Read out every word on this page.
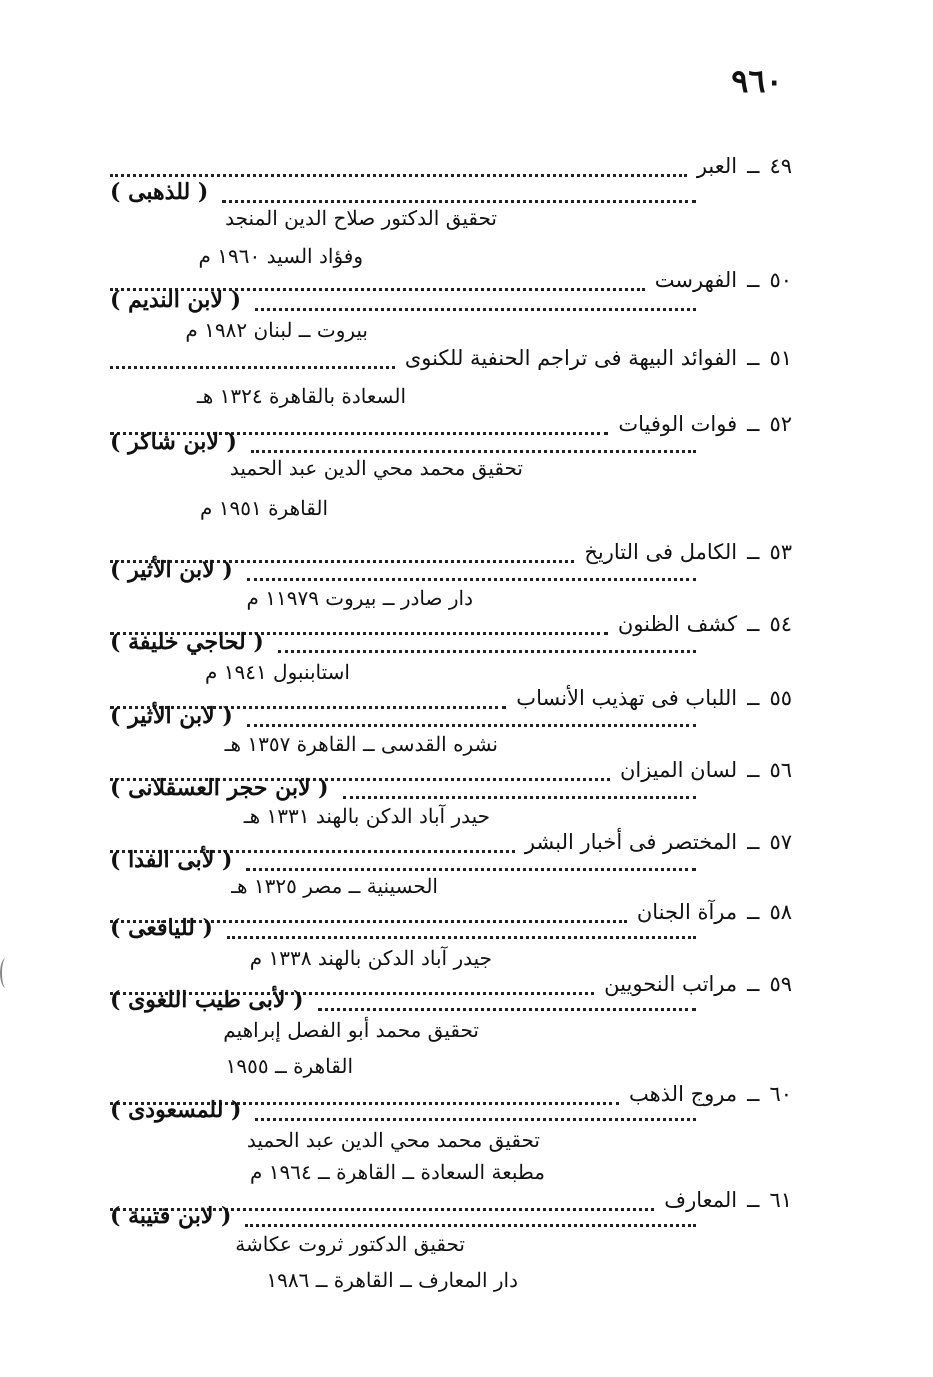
٩٦٠
٤٩
ــ
العبر
( للذهبى )
تحقيق الدكتور صلاح الدين المنجد
وفؤاد السيد ١٩٦٠ م
٥٠
ــ
الفهرست
( لابن النديم )
بيروت ــ لبنان ١٩٨٢ م
٥١
ــ
الفوائد البيهة فى تراجم الحنفية للكنوى
السعادة بالقاهرة ١٣٢٤ هـ
٥٢
ــ
فوات الوفيات
( لابن شاكر )
تحقيق محمد محي الدين عبد الحميد
القاهرة ١٩٥١ م
٥٣
ــ
الكامل فى التاريخ
( لابن الأثير )
دار صادر ــ بيروت ١١٩٧٩ م
٥٤
ــ
كشف الظنون
( لحاجي خليفة )
استابنبول ١٩٤١ م
٥٥
ــ
اللباب فى تهذيب الأنساب
( لابن الأثير )
نشره القدسى ــ القاهرة ١٣٥٧ هـ
٥٦
ــ
لسان الميزان
( لابن حجر العسقلانى )
حيدر آباد الدكن بالهند ١٣٣١ هـ
٥٧
ــ
المختصر فى أخبار البشر
( لأبى الفدا )
الحسينية ــ مصر ١٣٢٥ هـ
٥٨
ــ
مرآة الجنان
( لليافعى )
جيدر آباد الدكن بالهند ١٣٣٨ م
٥٩
ــ
مراتب النحويين
( لأبى طيب اللغوى )
تحقيق محمد أبو الفصل إبراهيم
القاهرة ــ ١٩٥٥
٦٠
ــ
مروج الذهب
( للمسعودى )
تحقيق محمد محي الدين عبد الحميد
مطبعة السعادة ــ القاهرة ــ ١٩٦٤ م
٦١
ــ
المعارف
( لابن قتيبة )
تحقيق الدكتور ثروت عكاشة
دار المعارف ــ القاهرة ــ ١٩٨٦
